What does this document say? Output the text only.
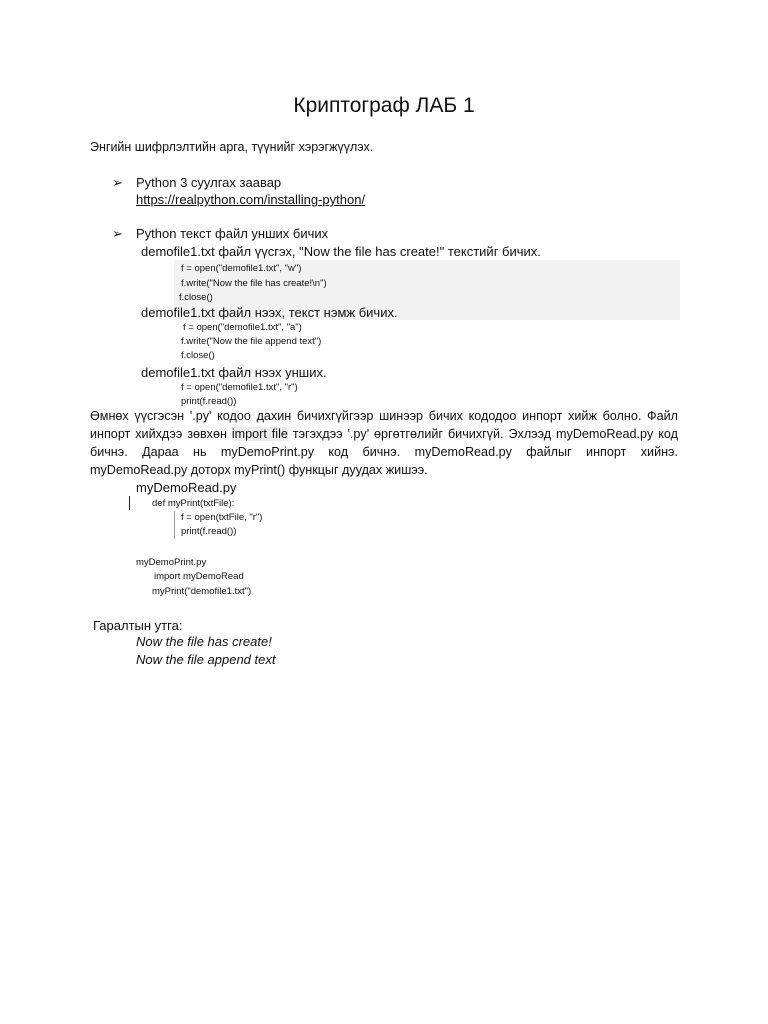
Криптограф ЛАБ 1
Энгийн шифрлэлтийн арга, түүнийг хэрэгжүүлэх.
➢ Python 3 суулгах заавар
https://realpython.com/installing-python/
➢ Python текст файл унших бичих
demofile1.txt файл үүсгэх, "Now the file has create!" текстийг бичих.
f = open("demofile1.txt", "w")
f.write("Now the file has create!\n")
f.close()
demofile1.txt файл нээх, текст нэмж бичих.
f = open("demofile1.txt", "a")
f.write("Now the file append text")
f.close()
demofile1.txt файл нээх унших.
f = open("demofile1.txt", "r")
print(f.read())
Өмнөх үүсгэсэн '.py' кодоо дахин бичихгүйгээр шинээр бичих кододоо инпорт хийж болно. Файл инпорт хийхдээ зөвхөн import file тэгэхдээ '.py' өргөтгөлийг бичихгүй. Эхлээд myDemoRead.py код бичнэ. Дараа нь myDemoPrint.py код бичнэ. myDemoRead.py файлыг инпорт хийнэ. myDemoRead.py доторх myPrint() функцыг дуудах жишээ.
myDemoRead.py
def myPrint(txtFile):
f = open(txtFile, "r")
print(f.read())
myDemoPrint.py
import myDemoRead
myPrint("demofile1.txt")
Гаралтын утга:
Now the file has create!
Now the file append text
